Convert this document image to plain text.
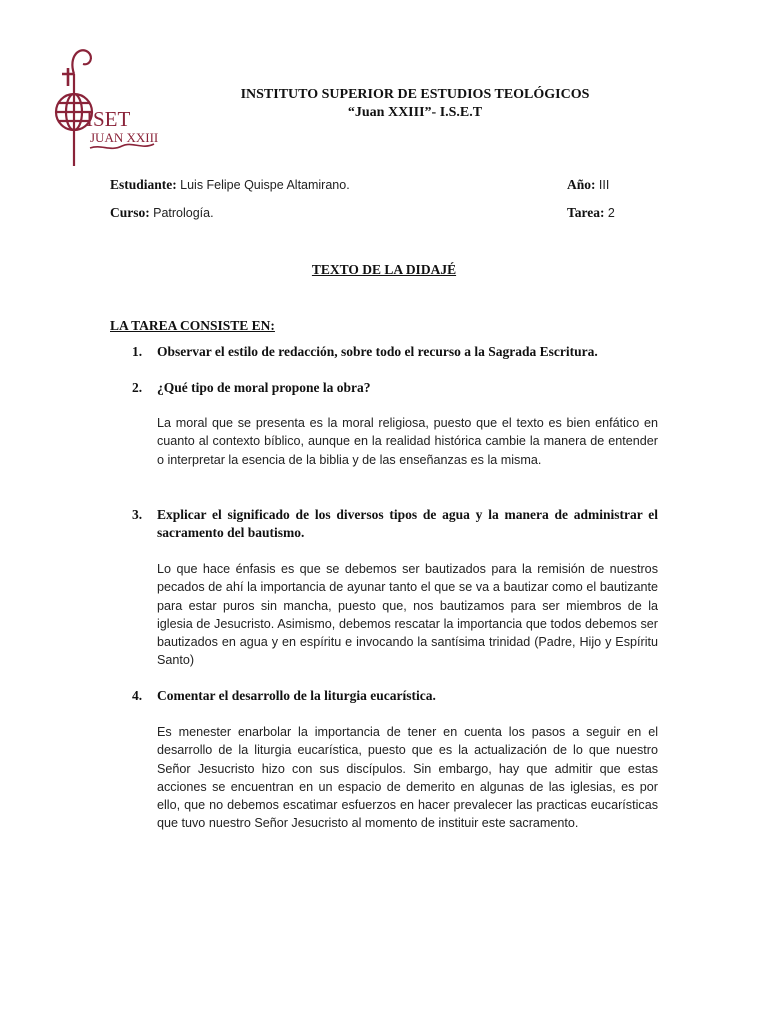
ISET
JUAN XXIII
INSTITUTO SUPERIOR DE ESTUDIOS TEOLÓGICOS
“Juan XXIII”- I.S.E.T
Estudiante: Luis Felipe Quispe Altamirano.	Año: III
Curso: Patrología.	Tarea: 2
TEXTO DE LA DIDAJÉ
LA TAREA CONSISTE EN:
1.	Observar el estilo de redacción, sobre todo el recurso a la Sagrada Escritura.
2.	¿Qué tipo de moral propone la obra?
La moral que se presenta es la moral religiosa, puesto que el texto es bien enfático en cuanto al contexto bíblico, aunque en la realidad histórica cambie la manera de entender o interpretar la esencia de la biblia y de las enseñanzas es la misma.
3.	Explicar el significado de los diversos tipos de agua y la manera de administrar el sacramento del bautismo.
Lo que hace énfasis es que se debemos ser bautizados para la remisión de nuestros pecados de ahí la importancia de ayunar tanto el que se va a bautizar como el bautizante para estar puros sin mancha, puesto que, nos bautizamos para ser miembros de la iglesia de Jesucristo. Asimismo, debemos rescatar la importancia que todos debemos ser bautizados en agua y en espíritu e invocando la santísima trinidad (Padre, Hijo y Espíritu Santo)
4.	Comentar el desarrollo de la liturgia eucarística.
Es menester enarbolar la importancia de tener en cuenta los pasos a seguir en el desarrollo de la liturgia eucarística, puesto que es la actualización de lo que nuestro Señor Jesucristo hizo con sus discípulos. Sin embargo, hay que admitir que estas acciones se encuentran en un espacio de demerito en algunas de las iglesias, es por ello, que no debemos escatimar esfuerzos en hacer prevalecer las practicas eucarísticas que tuvo nuestro Señor Jesucristo al momento de instituir este sacramento.
